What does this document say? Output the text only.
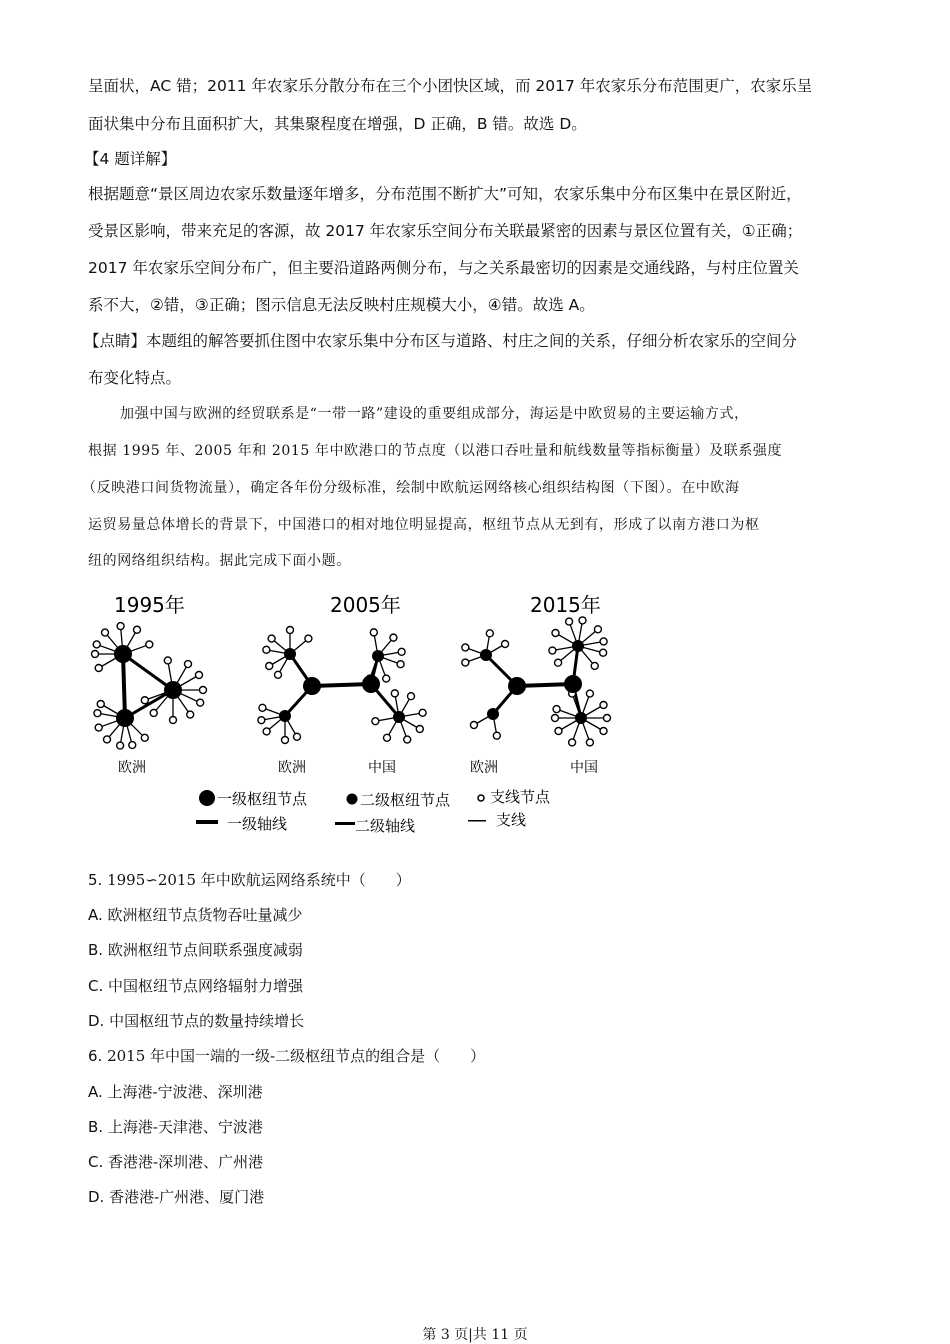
呈面状，AC 错；2011 年农家乐分散分布在三个小团快区域，而 2017 年农家乐分布范围更广，农家乐呈
面状集中分布且面积扩大，其集聚程度在增强，D 正确，B 错。故选 D。
【4 题详解】
根据题意“景区周边农家乐数量逐年增多，分布范围不断扩大”可知，农家乐集中分布区集中在景区附近，
受景区影响，带来充足的客源，故 2017 年农家乐空间分布关联最紧密的因素与景区位置有关，①正确；
2017 年农家乐空间分布广，但主要沿道路两侧分布，与之关系最密切的因素是交通线路，与村庄位置关
系不大，②错，③正确；图示信息无法反映村庄规模大小，④错。故选 A。
【点睛】本题组的解答要抓住图中农家乐集中分布区与道路、村庄之间的关系，仔细分析农家乐的空间分
布变化特点。
加强中国与欧洲的经贸联系是“一带一路”建设的重要组成部分，海运是中欧贸易的主要运输方式，
根据 1995 年、2005 年和 2015 年中欧港口的节点度（以港口吞吐量和航线数量等指标衡量）及联系强度
（反映港口间货物流量），确定各年份分级标准，绘制中欧航运网络核心组织结构图（下图）。在中欧海
运贸易量总体增长的背景下，中国港口的相对地位明显提高，枢纽节点从无到有，形成了以南方港口为枢
纽的网络组织结构。据此完成下面小题。
1995年	2005年	2015年
欧洲	欧洲	中国	欧洲	中国
一级枢纽节点	二级枢纽节点	支线节点
一级轴线	二级轴线	支线
5. 1995∽2015 年中欧航运网络系统中（　　）
A. 欧洲枢纽节点货物吞吐量减少
B. 欧洲枢纽节点间联系强度减弱
C. 中国枢纽节点网络辐射力增强
D. 中国枢纽节点的数量持续增长
6. 2015 年中国一端的一级-二级枢纽节点的组合是（　　）
A. 上海港-宁波港、深圳港
B. 上海港-天津港、宁波港
C. 香港港-深圳港、广州港
D. 香港港-广州港、厦门港
第 3 页|共 11 页
